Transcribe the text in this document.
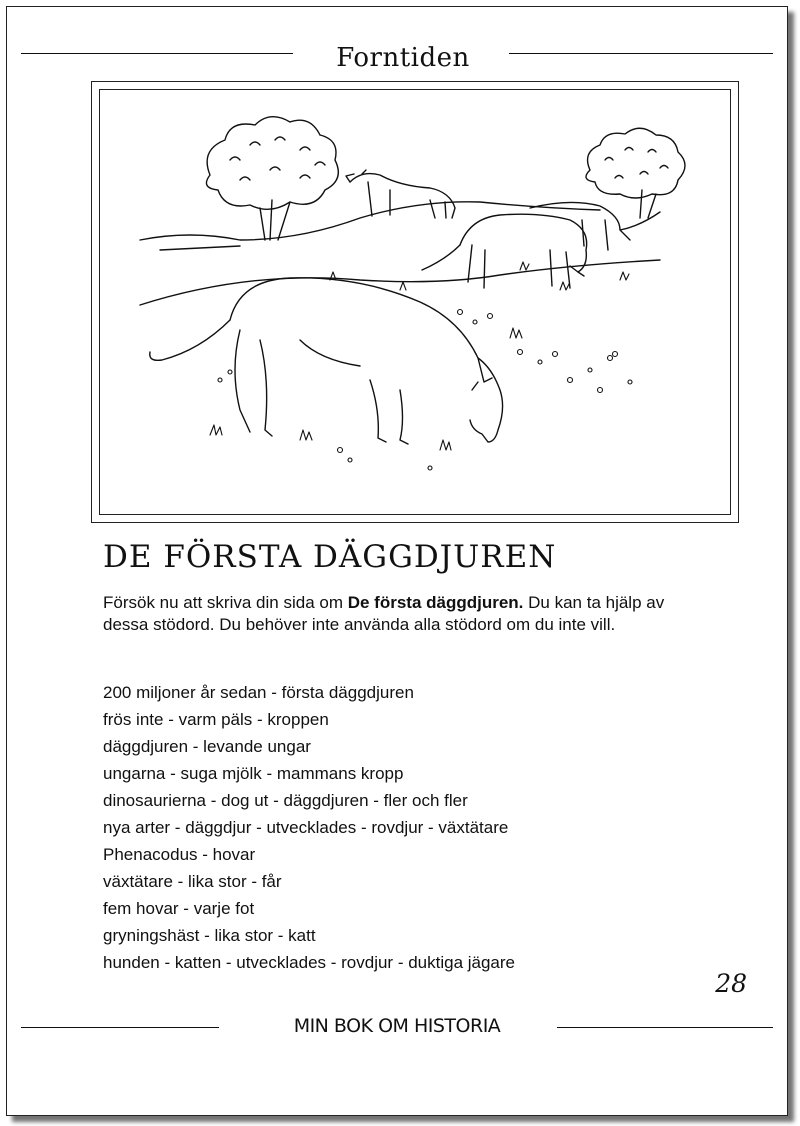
Forntiden
DE FÖRSTA DÄGGDJUREN
Försök nu att skriva din sida om De första däggdjuren. Du kan ta hjälp av dessa stödord. Du behöver inte använda alla stödord om du inte vill.
200 miljoner år sedan - första däggdjuren
frös inte - varm päls - kroppen
däggdjuren - levande ungar
ungarna - suga mjölk - mammans kropp
dinosaurierna - dog ut - däggdjuren - fler och fler
nya arter - däggdjur - utvecklades - rovdjur - växtätare
Phenacodus - hovar
växtätare - lika stor - får
fem hovar - varje fot
gryningshäst - lika stor - katt
hunden - katten - utvecklades - rovdjur - duktiga jägare
28
MIN BOK OM HISTORIA
